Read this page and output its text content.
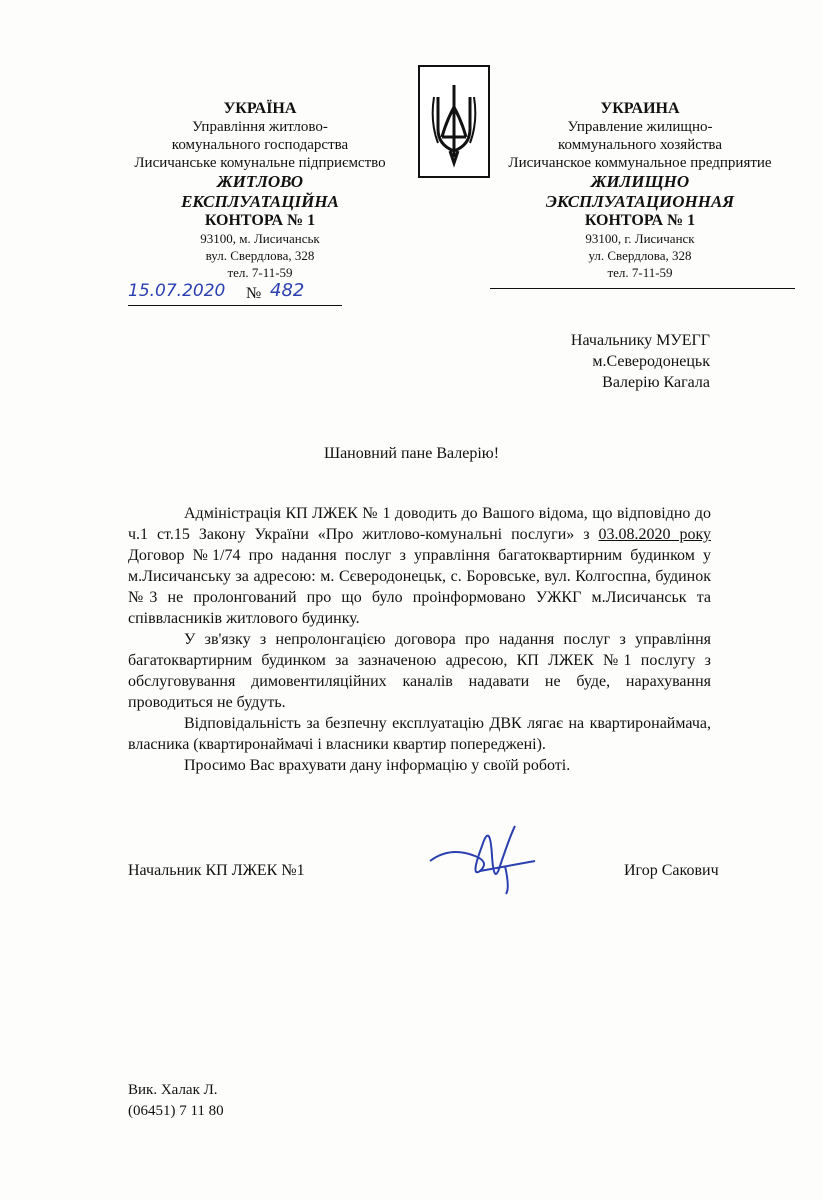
УКРАЇНА
Управління житлово-
комунального господарства
Лисичанське комунальне підприємство
ЖИТЛОВО
ЕКСПЛУАТАЦІЙНА
КОНТОРА № 1
93100, м. Лисичанськ
вул. Свердлова, 328
тел. 7-11-59
УКРАИНА
Управление жилищно-
коммунального хозяйства
Лисичанское коммунальное предприятие
ЖИЛИЩНО
ЭКСПЛУАТАЦИОННАЯ
КОНТОРА № 1
93100, г. Лисичанск
ул. Свердлова, 328
тел. 7-11-59
15.07.2020 № 482
Начальнику МУЕГГ
м.Северодонецьк
Валерію Кагала
Шановний пане Валерію!

Адміністрація КП ЛЖЕК № 1 доводить до Вашого відома, що відповідно до ч.1 ст.15 Закону України «Про житлово-комунальні послуги» з 03.08.2020 року Договор №1/74 про надання послуг з управління багатоквартирним будинком у м.Лисичанську за адресою: м. Сєверодонецьк, с. Боровське, вул. Колгоспна, будинок №3 не пролонгований про що було проінформовано УЖКГ м.Лисичанськ та співвласників житлового будинку.

У зв'язку з непролонгацією договора про надання послуг з управління багатоквартирним будинком за зазначеною адресою, КП ЛЖЕК №1 послугу з обслуговування димовентиляційних каналів надавати не буде, нарахування проводиться не будуть.

Відповідальність за безпечну експлуатацію ДВК лягає на квартиронаймача, власника (квартиронаймачі і власники квартир попереджені).

Просимо Вас врахувати дану інформацію у своїй роботі.

Начальник КП ЛЖЕК №1	Игор Сакович
Вик. Халак Л.
(06451) 7 11 80
